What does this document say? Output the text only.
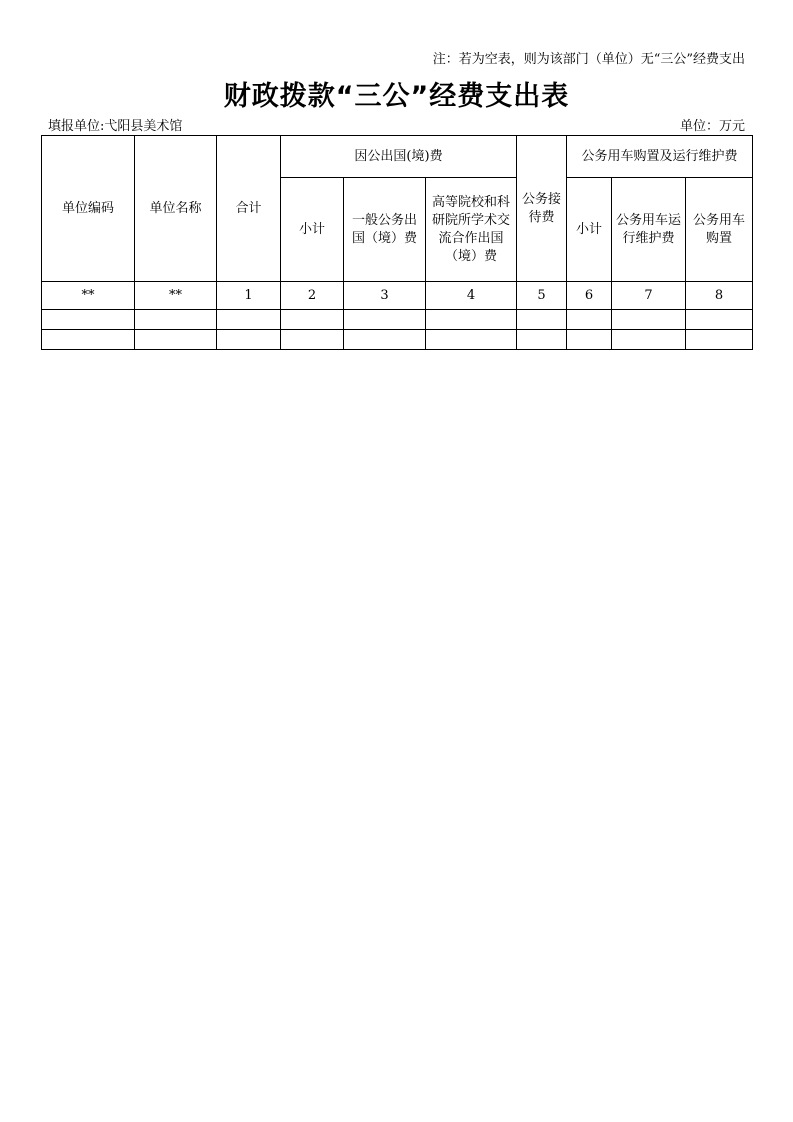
注：若为空表，则为该部门（单位）无“三公”经费支出
财政拨款“三公”经费支出表
填报单位:弋阳县美术馆	单位：万元
单位编码	单位名称	合计	因公出国(境)费			公务接待费	公务用车购置及运行维护费		
			小计	一般公务出国（境）费	高等院校和科研院所学术交流合作出国（境）费		小计	公务用车运行维护费	公务用车购置
**	**	1	2	3	4	5	6	7	8
